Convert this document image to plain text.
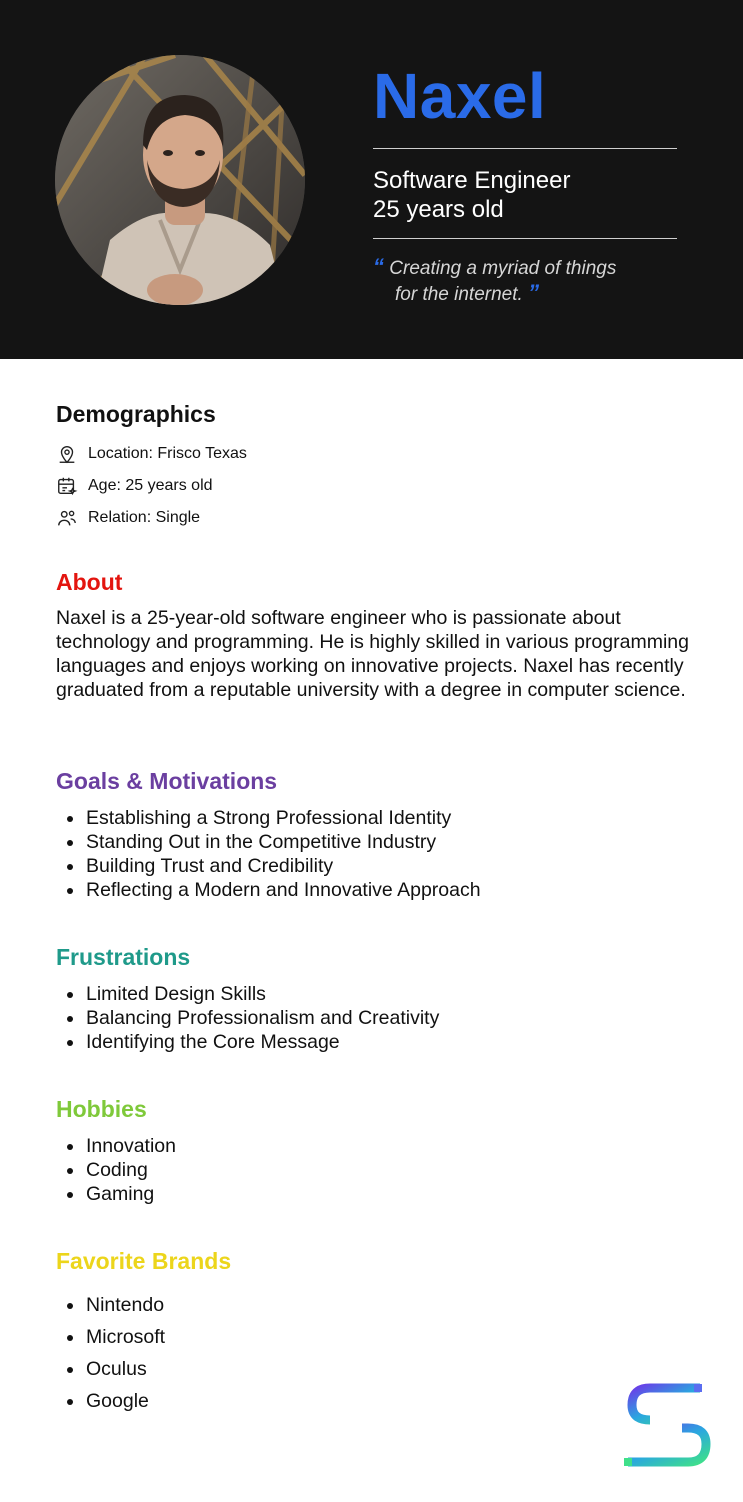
Naxel
Software Engineer
25 years old
“ Creating a myriad of things
for the internet. ”
Demographics
Location: Frisco Texas
Age: 25 years old
Relation: Single
About

Naxel is a 25-year-old software engineer who is passionate about technology and programming. He is highly skilled in various programming languages and enjoys working on innovative projects. Naxel has recently graduated from a reputable university with a degree in computer science.

Goals & Motivations
Establishing a Strong Professional Identity
Standing Out in the Competitive Industry
Building Trust and Credibility
Reflecting a Modern and Innovative Approach
Frustrations
Limited Design Skills
Balancing Professionalism and Creativity
Identifying the Core Message
Hobbies
Innovation
Coding
Gaming
Favorite Brands
Nintendo
Microsoft
Oculus
Google
